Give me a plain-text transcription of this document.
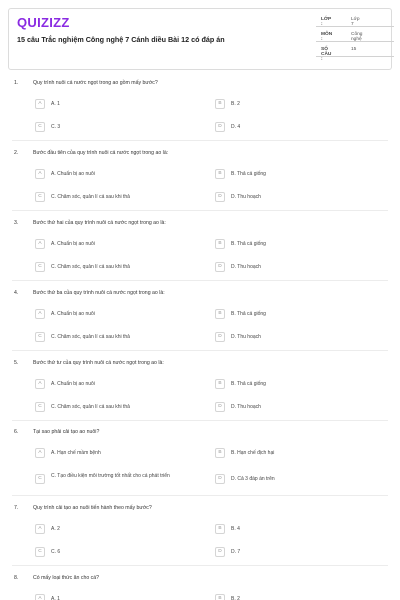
QUIZIZZ
15 câu Trắc nghiệm Công nghệ 7 Cánh diều Bài 12 có đáp án
LỚP :
Lớp 7
MÔN :
Công nghệ
SỐ CÂU :
15
1.	Quy trình nuôi cá nước ngọt trong ao gồm mấy bước?
A	A. 1	B	B. 2
C	C. 3	D	D. 4
2.	Bước đầu tiên của quy trình nuôi cá nước ngọt trong ao là:
A	A. Chuẩn bị ao nuôi	B	B. Thả cá giống
C	C. Chăm sóc, quản lí cá sau khi thả	D	D. Thu hoạch
3.	Bước thứ hai của quy trình nuôi cá nước ngọt trong ao là:
A	A. Chuẩn bị ao nuôi	B	B. Thả cá giống
C	C. Chăm sóc, quản lí cá sau khi thả	D	D. Thu hoạch
4.	Bước thứ ba của quy trình nuôi cá nước ngọt trong ao là:
A	A. Chuẩn bị ao nuôi	B	B. Thả cá giống
C	C. Chăm sóc, quản lí cá sau khi thả	D	D. Thu hoạch
5.	Bước thứ tư của quy trình nuôi cá nước ngọt trong ao là:
A	A. Chuẩn bị ao nuôi	B	B. Thả cá giống
C	C. Chăm sóc, quản lí cá sau khi thả	D	D. Thu hoạch
6.	Tại sao phải cải tạo ao nuôi?
A	A. Hạn chế mầm bệnh	B	B. Hạn chế địch hại
C	C. Tạo điều kiện môi trường tốt nhất cho cá phát triển	D	D. Cả 3 đáp án trên
7.	Quy trình cải tạo ao nuôi tiến hành theo mấy bước?
A	A. 2	B	B. 4
C	C. 6	D	D. 7
8.	Có mấy loại thức ăn cho cá?
A	A. 1	B	B. 2
